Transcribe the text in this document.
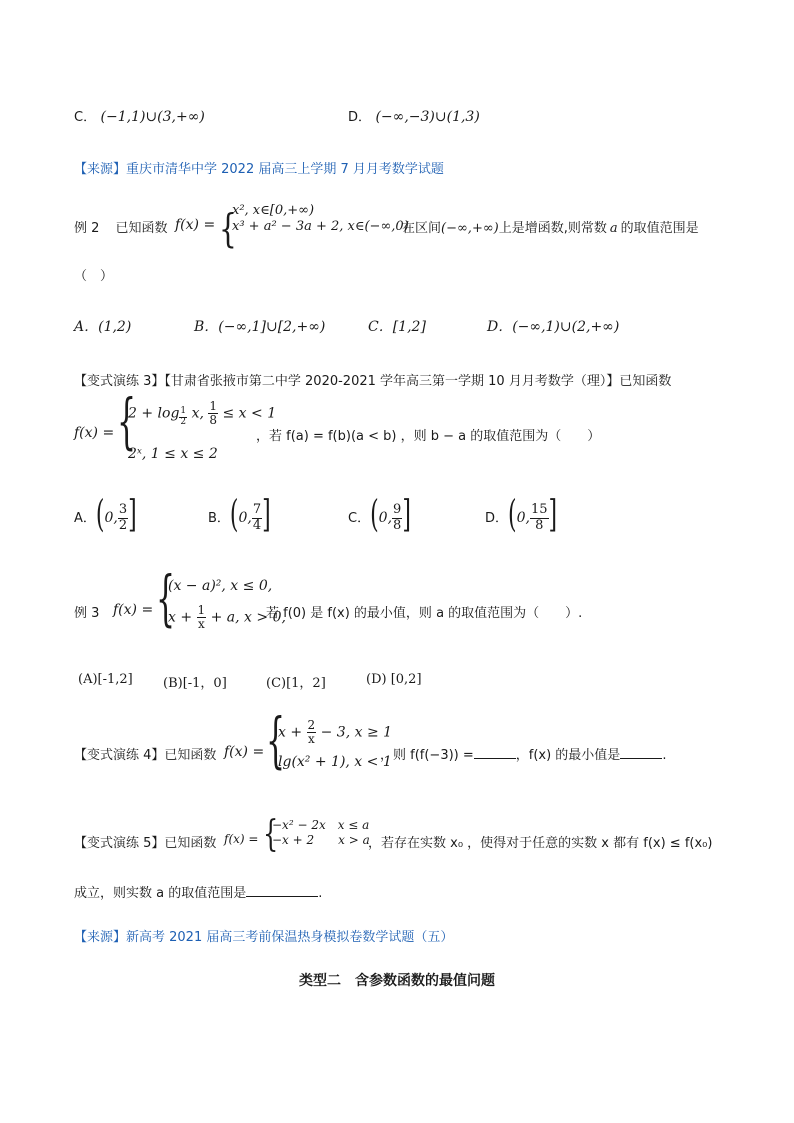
C． (−1,1)∪(3,+∞)	D． (−∞,−3)∪(1,3)
【来源】重庆市清华中学 2022 届高三上学期 7 月月考数学试题
例 2 已知函数 f(x) = {
x², x∈[0,+∞)
x³ + a² − 3a + 2, x∈(−∞,0)
在区间(−∞,+∞)上是增函数,则常数 a 的取值范围是
（　）
A．(1,2)	B．(−∞,1]∪[2,+∞)	C．[1,2]	D．(−∞,1)∪(2,+∞)
【变式演练 3】【甘肃省张掖市第二中学 2020-2021 学年高三第一学期 10 月月考数学（理）】已知函数
f(x) = {
2 + log $_{\frac{1}{2}}$ x, $\frac{1}{8} \le x < 1$
2ˣ, 1 ≤ x ≤ 2
，若 f(a) = f(b)(a < b) ，则 b − a 的取值范围为（　　）
A．(0, $\frac{3}{2}$ ]	B．(0, $\frac{7}{4}$ ]	C．(0, $\frac{9}{8}$ ]	D．(0, $\frac{15}{8}$ ]
例 3 f(x) = {
(x − a)², x ≤ 0,
$x + \frac{1}{x} + a$, x > 0,
若 f(0) 是 f(x) 的最小值，则 a 的取值范围为（　　）.
(A)[-1,2] (B)[-1，0]	(C)[1，2]	(D) [0,2]
【变式演练 4】已知函数 f(x) = {
$x + \frac{2}{x} - 3$, x ≥ 1
lg(x² + 1), x < 1
，则 f(f(−3)) =	，f(x) 的最小值是	.
【变式演练 5】已知函数 f(x) = {
−x² − 2x　x ≤ a
−x + 2　　x > a
，若存在实数 x₀ ，使得对于任意的实数 x 都有 f(x) ≤ f(x₀)
成立，则实数 a 的取值范围是	.
【来源】新高考 2021 届高三考前保温热身模拟卷数学试题（五）
类型二　含参数函数的最值问题
